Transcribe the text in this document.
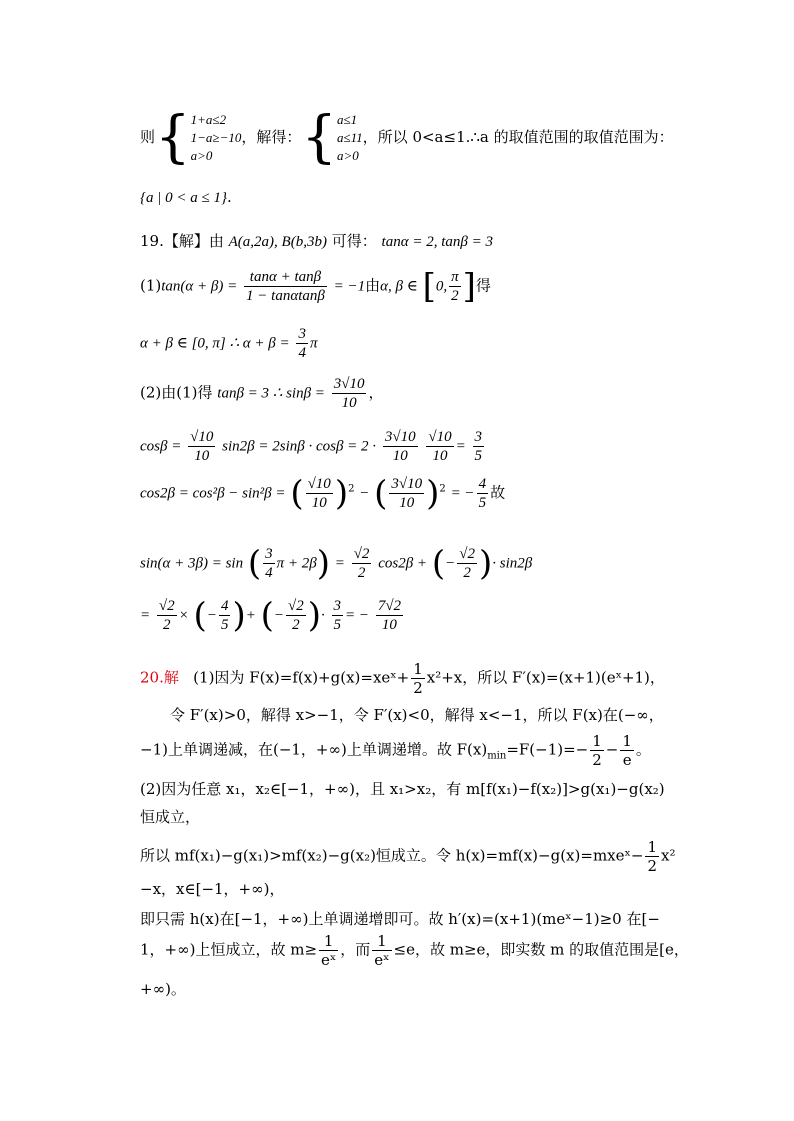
则{ 1+a≤2
1−a≥−10
a>0
，解得：{ a≤1
a≤11
a>0
，所以 0<a≤1.∴a 的取值范围的取值范围为：
{a | 0 < a ≤ 1}.
19.【解】由 A(a,2a), B(b,3b) 可得： tanα = 2, tanβ = 3
$(1)\tan(\alpha + \beta) = \frac{\tan\alpha + \tan\beta}{1 - \tan\alpha\tan\beta} = -1$由α, β ∈ [0, $\frac{\pi}{2}$ ]得
α + β ∈ [0, π] ∴ $\alpha + \beta = \frac{3}{4}$ π
(2)由(1)得 tanβ = 3 ∴ $\sin\beta = \frac{3√10}{10}$ ，
$\cos\beta = \frac{√10}{10} \sin 2\beta = 2\sin\beta \cdot \cos\beta = 2 \cdot \frac{3√10}{10}$
$\frac{√10}{10} = \frac{3}{5}$
cos2β = cos²β − sin²β = ( $\frac{√10}{10} )^2$ − ( $\frac{3√10}{10} )^2$ = − $\frac{4}{5}$ 故
sin(α + 3β) = sin ( $\frac{3}{4}$ $\pi + 2\beta) = \frac{√2}{2} \cos 2\beta$ + (− $\frac{√2}{2}$ )· sin2β
= $\frac{√2}{2}$ × (− $\frac{4}{5}$ )+ (− $\frac{√2}{2}$ )· $\frac{3}{5}$ = − $\frac{7√2}{10}$
20.解 (1)因为 F(x)=f(x)+g(x)=xeˣ+ $\frac{1}{2} x^2+x$，所以 F′(x)=(x+1)(eˣ+1)，
令 F′(x)>0，解得 x>−1，令 F′(x)<0，解得 x<−1，所以 F(x)在(−∞，
−1)上单调递减，在(−1，+∞)上单调递增。故 $F(x)_{min}=F(-1)=- \frac{1}{2} - \frac{1}{e}$ 。
(2)因为任意 x₁，x₂∈[−1，+∞)，且 x₁>x₂，有 m[f(x₁)−f(x₂)]>g(x₁)−g(x₂)
恒成立，
所以 mf(x₁)−g(x₁)>mf(x₂)−g(x₂)恒成立。令 h(x)=mf(x)−g(x)=mxeˣ− $\frac{1}{2} x^2$
−x，x∈[−1，+∞)，
即只需 h(x)在[−1，+∞)上单调递增即可。故 h′(x)=(x+1)(meˣ−1)≥0 在[−
1，+∞)上恒成立，故 $m\ge \frac{1}{\text{eˣ}}$ ，而 $\frac{1}{\text{eˣ}} \le e$，故 m≥e，即实数 m 的取值范围是[e，
+∞)。
